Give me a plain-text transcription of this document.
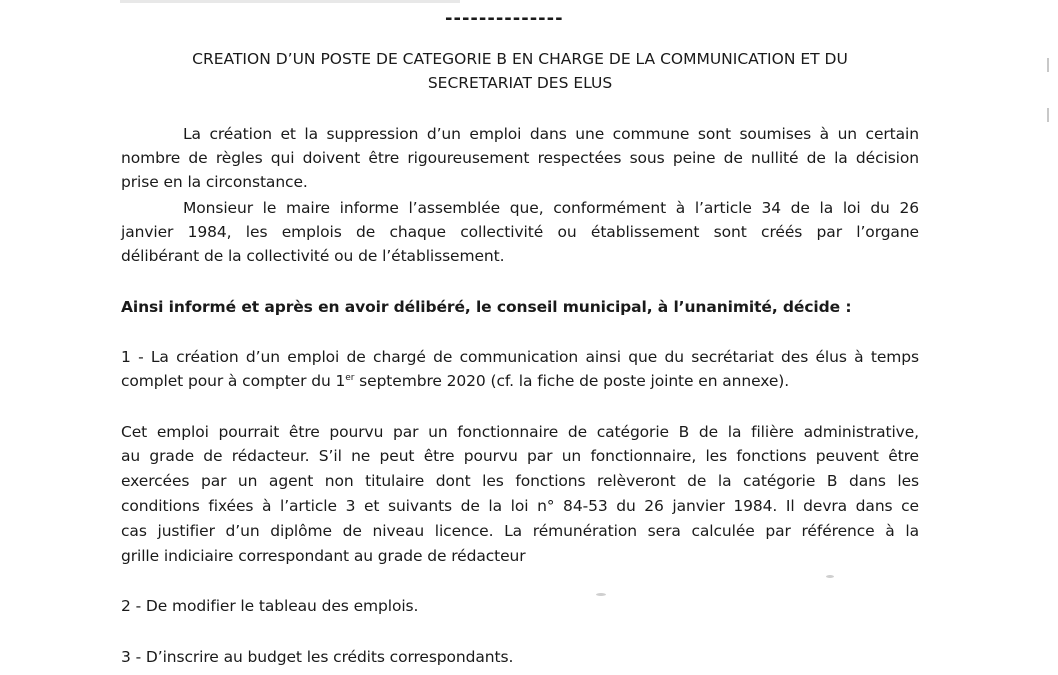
--------------
CREATION D’UN POSTE DE CATEGORIE B EN CHARGE DE LA COMMUNICATION ET DU
SECRETARIAT DES ELUS
La création et la suppression d’un emploi dans une commune sont soumises à un certain
nombre de règles qui doivent être rigoureusement respectées sous peine de nullité de la décision
prise en la circonstance.
Monsieur le maire informe l’assemblée que, conformément à l’article 34 de la loi du 26
janvier 1984, les emplois de chaque collectivité ou établissement sont créés par l’organe
délibérant de la collectivité ou de l’établissement.
Ainsi informé et après en avoir délibéré, le conseil municipal, à l’unanimité, décide :
1 - La création d’un emploi de chargé de communication ainsi que du secrétariat des élus à temps
complet pour à compter du 1er septembre 2020 (cf. la fiche de poste jointe en annexe).
Cet emploi pourrait être pourvu par un fonctionnaire de catégorie B de la filière administrative,
au grade de rédacteur. S’il ne peut être pourvu par un fonctionnaire, les fonctions peuvent être
exercées par un agent non titulaire dont les fonctions relèveront de la catégorie B dans les
conditions fixées à l’article 3 et suivants de la loi n° 84-53 du 26 janvier 1984. Il devra dans ce
cas justifier d’un diplôme de niveau licence. La rémunération sera calculée par référence à la
grille indiciaire correspondant au grade de rédacteur
2 - De modifier le tableau des emplois.
3 - D’inscrire au budget les crédits correspondants.
